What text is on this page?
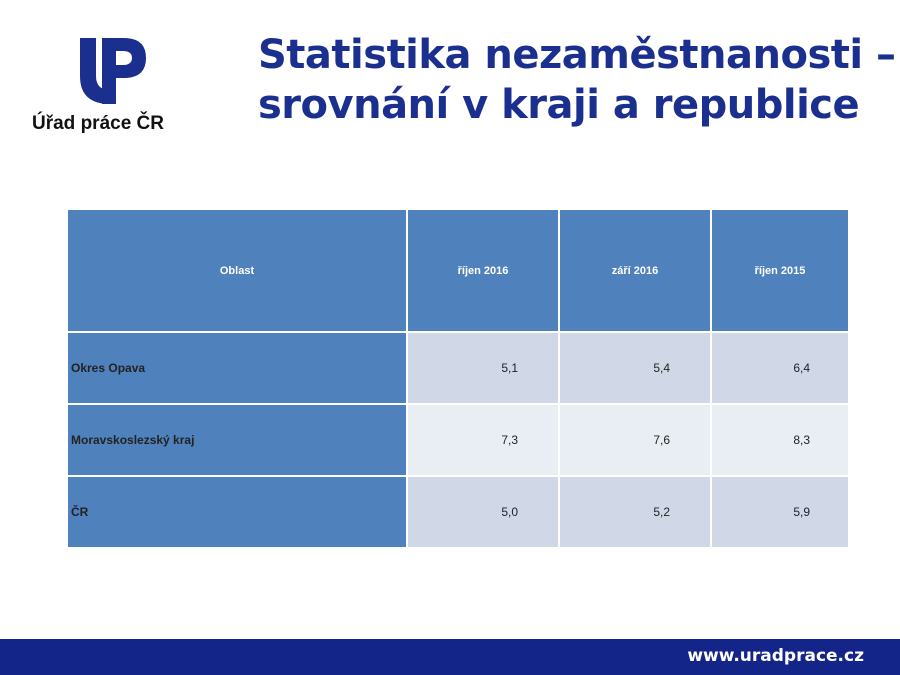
Úřad práce ČR
Statistika nezaměstnanosti –
srovnání v kraji a republice
Oblast	říjen 2016	září 2016	říjen 2015
Okres Opava	5,1	5,4	6,4
Moravskoslezský kraj	7,3	7,6	8,3
ČR	5,0	5,2	5,9
www.uradprace.cz
